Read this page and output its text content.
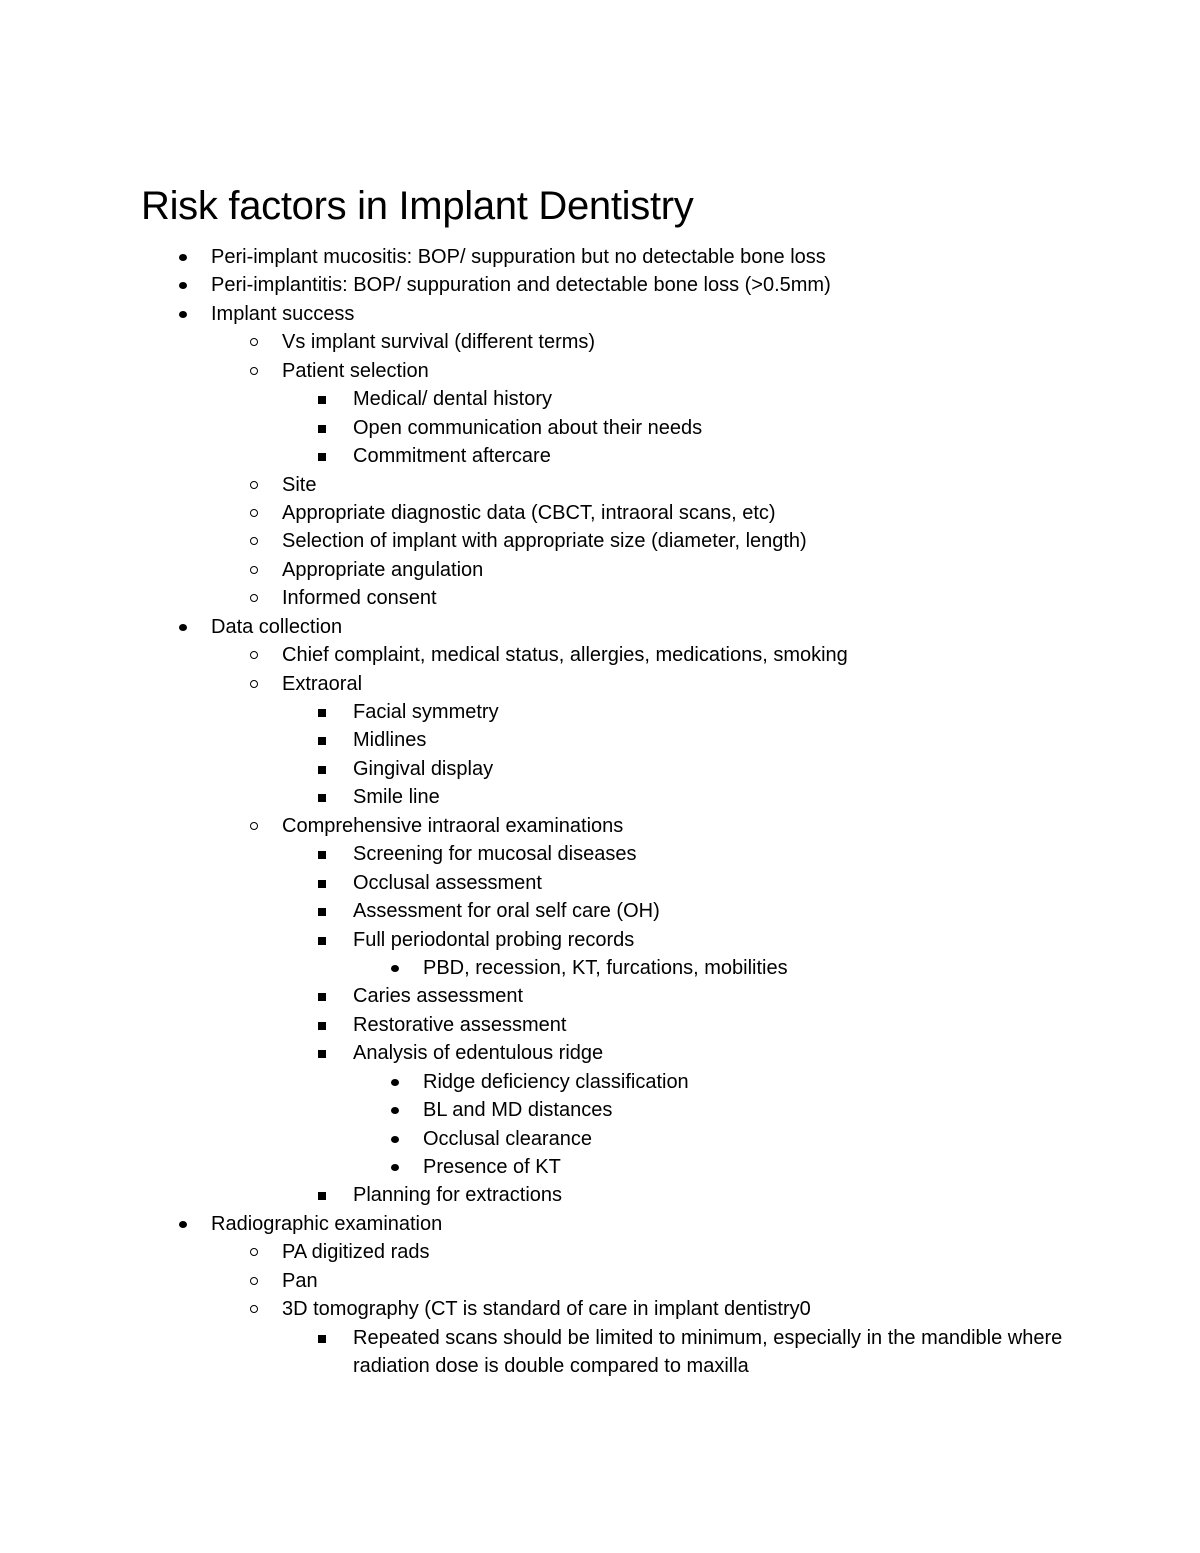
Risk factors in Implant Dentistry
Peri-implant mucositis: BOP/ suppuration but no detectable bone loss
Peri-implantitis: BOP/ suppuration and detectable bone loss (>0.5mm)
Implant success
Vs implant survival (different terms)
Patient selection
Medical/ dental history
Open communication about their needs
Commitment aftercare
Site
Appropriate diagnostic data (CBCT, intraoral scans, etc)
Selection of implant with appropriate size (diameter, length)
Appropriate angulation
Informed consent
Data collection
Chief complaint, medical status, allergies, medications, smoking
Extraoral
Facial symmetry
Midlines
Gingival display
Smile line
Comprehensive intraoral examinations
Screening for mucosal diseases
Occlusal assessment
Assessment for oral self care (OH)
Full periodontal probing records
PBD, recession, KT, furcations, mobilities
Caries assessment
Restorative assessment
Analysis of edentulous ridge
Ridge deficiency classification
BL and MD distances
Occlusal clearance
Presence of KT
Planning for extractions
Radiographic examination
PA digitized rads
Pan
3D tomography (CT is standard of care in implant dentistry0
Repeated scans should be limited to minimum, especially in the mandible where radiation dose is double compared to maxilla
